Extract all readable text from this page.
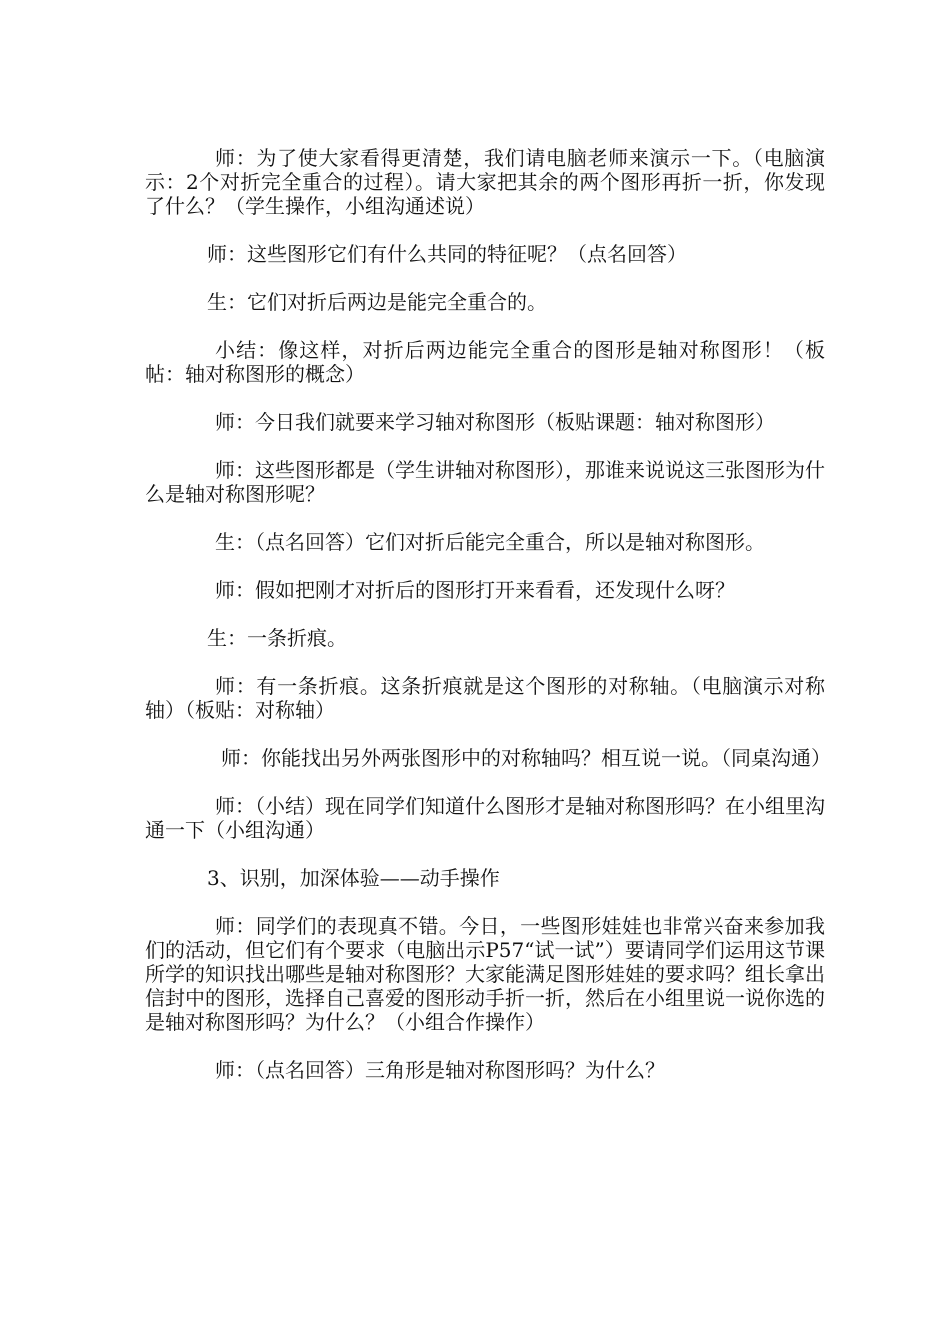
师：为了使大家看得更清楚，我们请电脑老师来演示一下。（电脑演示：2个对折完全重合的过程）。请大家把其余的两个图形再折一折，你发现了什么？（学生操作，小组沟通述说）

师：这些图形它们有什么共同的特征呢？（点名回答）

生：它们对折后两边是能完全重合的。

小结：像这样，对折后两边能完全重合的图形是轴对称图形！（板帖：轴对称图形的概念）

师：今日我们就要来学习轴对称图形（板贴课题：轴对称图形）

师：这些图形都是（学生讲轴对称图形），那谁来说说这三张图形为什么是轴对称图形呢？

生：（点名回答）它们对折后能完全重合，所以是轴对称图形。

师：假如把刚才对折后的图形打开来看看，还发现什么呀？

生：一条折痕。

师：有一条折痕。这条折痕就是这个图形的对称轴。（电脑演示对称轴）（板贴：对称轴）

师：你能找出另外两张图形中的对称轴吗？相互说一说。（同桌沟通）

师：（小结）现在同学们知道什么图形才是轴对称图形吗？在小组里沟通一下（小组沟通）

3、识别，加深体验——动手操作

师：同学们的表现真不错。今日，一些图形娃娃也非常兴奋来参加我们的活动，但它们有个要求（电脑出示P57“试一试”）要请同学们运用这节课所学的知识找出哪些是轴对称图形？大家能满足图形娃娃的要求吗？组长拿出信封中的图形，选择自己喜爱的图形动手折一折，然后在小组里说一说你选的是轴对称图形吗？为什么？（小组合作操作）

师：（点名回答）三角形是轴对称图形吗？为什么？
